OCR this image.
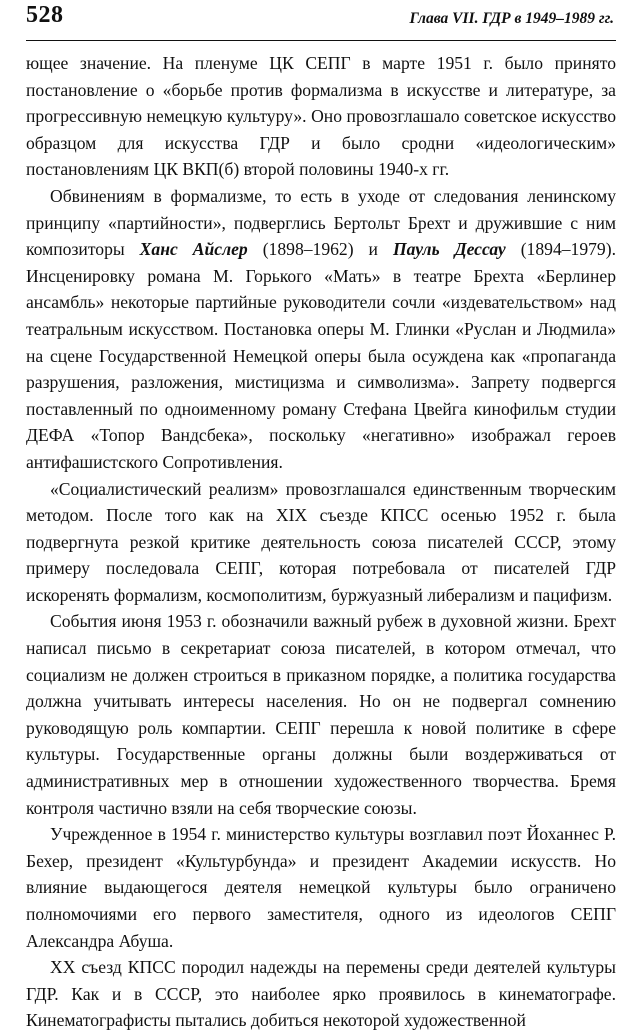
528	Глава VII. ГДР в 1949–1989 гг.

ющее значение. На пленуме ЦК СЕПГ в марте 1951 г. было принято постановление о «борьбе против формализма в искусстве и литературе, за прогрессивную немецкую культуру». Оно провозглашало советское искусство образцом для искусства ГДР и было сродни «идеологическим» постановлениям ЦК ВКП(б) второй половины 1940-х гг.

Обвинениям в формализме, то есть в уходе от следования ленинскому принципу «партийности», подверглись Бертольт Брехт и дружившие с ним композиторы Ханс Айслер (1898–1962) и Пауль Дессау (1894–1979). Инсценировку романа М. Горького «Мать» в театре Брехта «Берлинер ансамбль» некоторые партийные руководители сочли «издевательством» над театральным искусством. Постановка оперы М. Глинки «Руслан и Людмила» на сцене Государственной Немецкой оперы была осуждена как «пропаганда разрушения, разложения, мистицизма и символизма». Запрету подвергся поставленный по одноименному роману Стефана Цвейга кинофильм студии ДЕФА «Топор Вандсбека», поскольку «негативно» изображал героев антифашистского Сопротивления.

«Социалистический реализм» провозглашался единственным творческим методом. После того как на XIX съезде КПСС осенью 1952 г. была подвергнута резкой критике деятельность союза писателей СССР, этому примеру последовала СЕПГ, которая потребовала от писателей ГДР искоренять формализм, космополитизм, буржуазный либерализм и пацифизм.

События июня 1953 г. обозначили важный рубеж в духовной жизни. Брехт написал письмо в секретариат союза писателей, в котором отмечал, что социализм не должен строиться в приказном порядке, а политика государства должна учитывать интересы населения. Но он не подвергал сомнению руководящую роль компартии. СЕПГ перешла к новой политике в сфере культуры. Государственные органы должны были воздерживаться от административных мер в отношении художественного творчества. Бремя контроля частично взяли на себя творческие союзы.

Учрежденное в 1954 г. министерство культуры возглавил поэт Йоханнес Р. Бехер, президент «Культурбунда» и президент Академии искусств. Но влияние выдающегося деятеля немецкой культуры было ограничено полномочиями его первого заместителя, одного из идеологов СЕПГ Александра Абуша.

XX съезд КПСС породил надежды на перемены среди деятелей культуры ГДР. Как и в СССР, это наиболее ярко проявилось в кинематографе. Кинематографисты пытались добиться некоторой художественной
